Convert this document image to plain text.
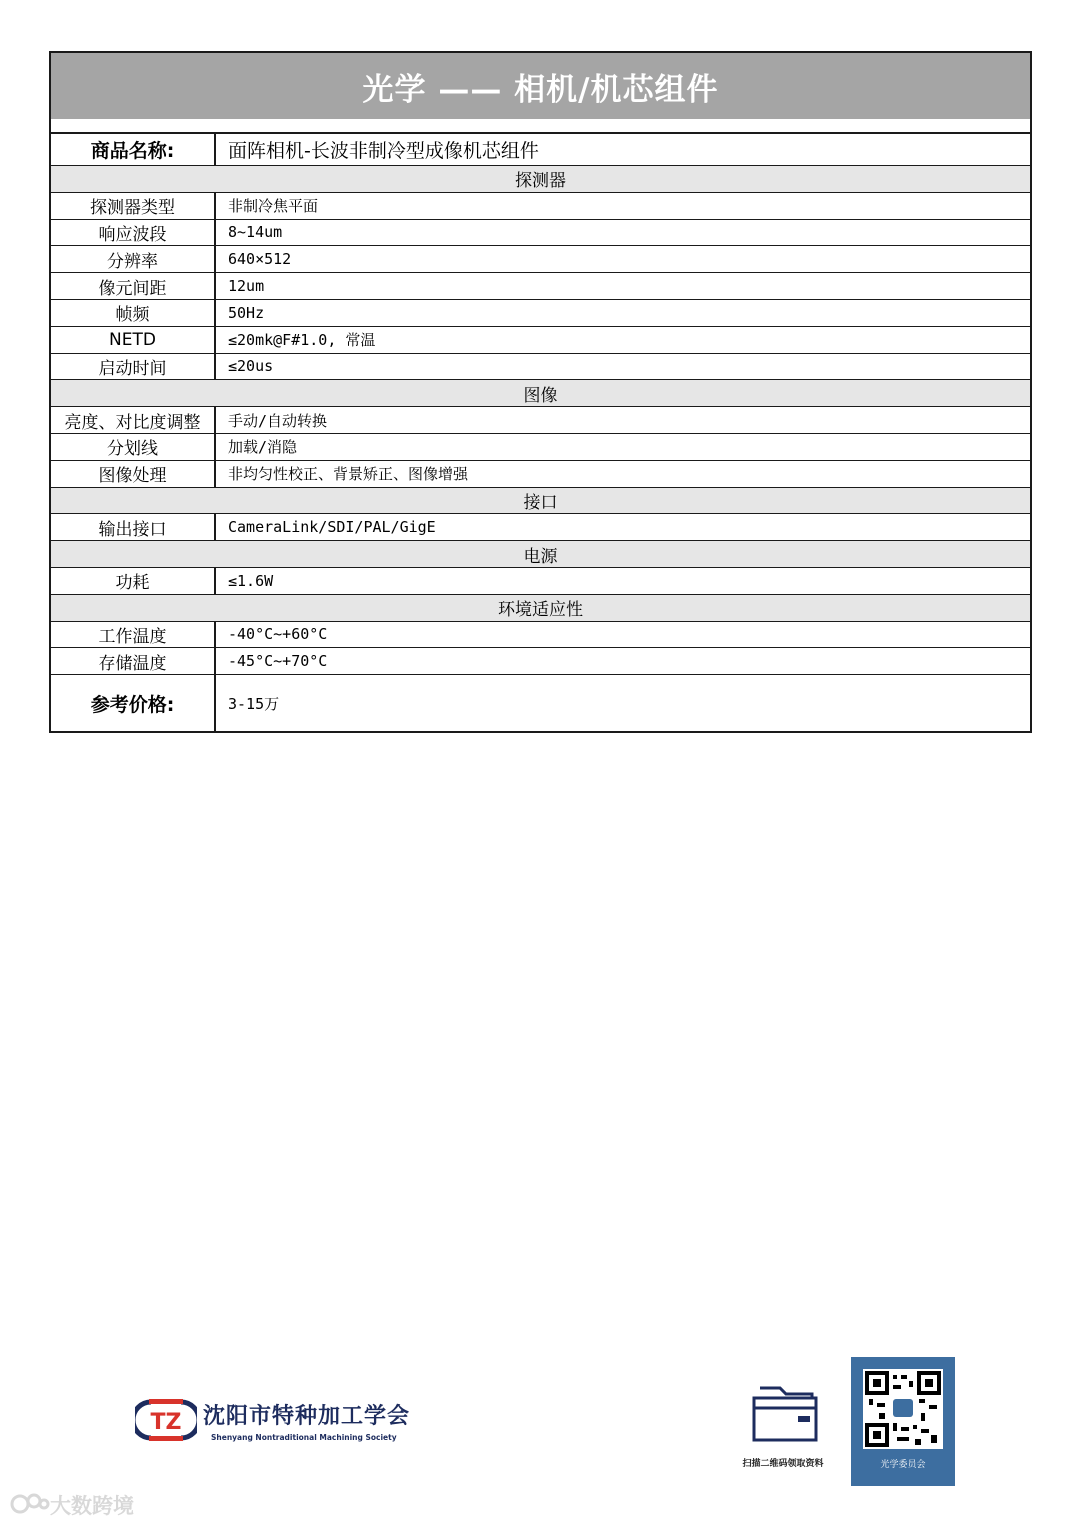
光学 —— 相机/机芯组件
商品名称:	面阵相机-长波非制冷型成像机芯组件
探测器
探测器类型	非制冷焦平面
响应波段	8~14um
分辨率	640×512
像元间距	12um
帧频	50Hz
NETD	≤20mk@F#1.0, 常温
启动时间	≤20us
图像
亮度、对比度调整	手动/自动转换
分划线	加载/消隐
图像处理	非均匀性校正、背景矫正、图像增强
接口
输出接口	CameraLink/SDI/PAL/GigE
电源
功耗	≤1.6W
环境适应性
工作温度	-40°C~+60°C
存储温度	-45°C~+70°C
参考价格:	3-15万
TZ 沈阳市特种加工学会
Shenyang Nontraditional Machining Society
扫描二维码领取资料	光学委员会
大数跨境
